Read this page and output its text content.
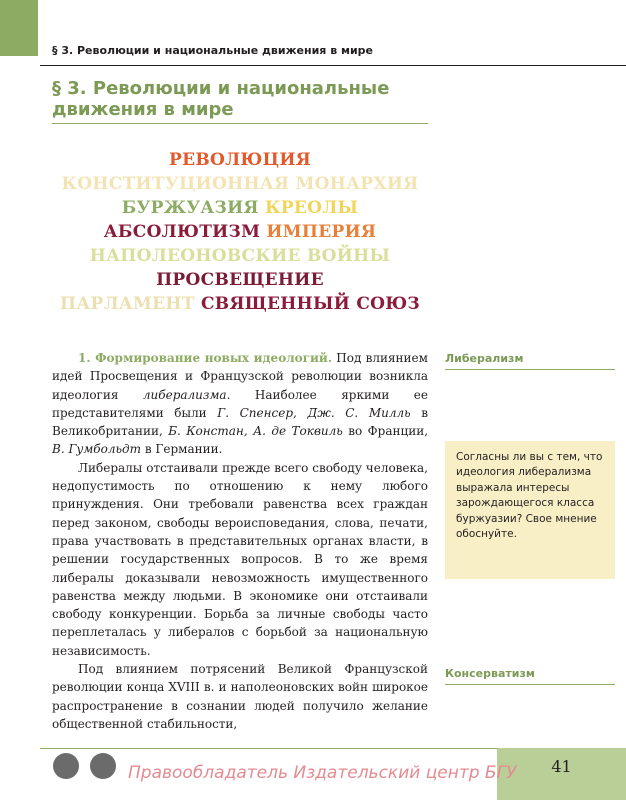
§ 3. Революции и национальные движения в мире
§ 3. Революции и национальные движения в мире
РЕВОЛЮЦИЯ
КОНСТИТУЦИОННАЯ МОНАРХИЯ
БУРЖУАЗИЯ КРЕОЛЫ
АБСОЛЮТИЗМ ИМПЕРИЯ
НАПОЛЕОНОВСКИЕ ВОЙНЫ
ПРОСВЕЩЕНИЕ
ПАРЛАМЕНТ СВЯЩЕННЫЙ СОЮЗ

1. Формирование новых идеологий. Под влиянием идей Просвещения и Французской революции возникла идеология либерализма. Наиболее яркими ее представителями были Г. Спенсер, Дж. С. Милль в Великобритании, Б. Констан, А. де Токвиль во Франции, В. Гумбольдт в Германии.

Либералы отстаивали прежде всего свободу человека, недопустимость по отношению к нему любого принуждения. Они требовали равенства всех граждан перед законом, свободы вероисповедания, слова, печати, права участвовать в представительных органах власти, в решении государственных вопросов. В то же время либералы доказывали невозможность имущественного равенства между людьми. В экономике они отстаивали свободу конкуренции. Борьба за личные свободы часто переплеталась у либералов с борьбой за национальную независимость.

Под влиянием потрясений Великой Французской революции конца XVIII в. и наполеоновских войн широкое распространение в сознании людей получило желание общественной стабильности,

Либерализм
Согласны ли вы с тем, что идеология либерализма выражала интересы зарождающегося класса буржуазии? Свое мнение обоснуйте.
Консерватизм
41
Правообладатель Издательский центр БГУ
